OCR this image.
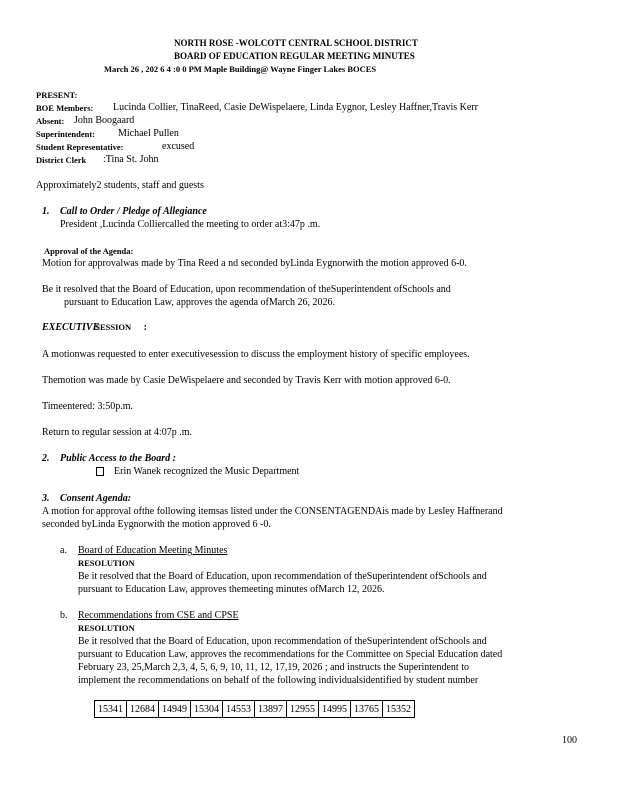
NORTH ROSE -WOLCOTT CENTRAL SCHOOL DISTRICT
BOARD OF EDUCATION REGULAR MEETING MINUTES
March 26 , 202 6 4 :0 0 PM Maple Building@ Wayne Finger Lakes BOCES
PRESENT:
BOE Members: Lucinda Collier, TinaReed, Casie DeWispelaere, Linda Eygnor, Lesley Haffner,Travis Kerr
Absent: John Boogaard
Superintendent: Michael Pullen
Student Representative:	excused
District Clerk :Tina St. John
Approximately2 students, staff and guests
1. Call to Order / Pledge of Allegiance
President ,Lucinda Colliercalled the meeting to order at3:47p .m.
Approval of the Agenda:
Motion for approvalwas made by Tina Reed a nd seconded byLinda Eygnorwith the motion approved 6-0.
Be it resolved that the Board of Education, upon recommendation of theSuperintendent ofSchools and
pursuant to Education Law, approves the agenda ofMarch 26, 2026.
EXECUTIVESESSION :
A motionwas requested to enter executivesession to discuss the employment history of specific employees.
Themotion was made by Casie DeWispelaere and seconded by Travis Kerr with motion approved 6-0.
Timeentered: 3:50p.m.
Return to regular session at 4:07p .m.
2. Public Access to the Board :
Erin Wanek recognized the Music Department
3. Consent Agenda:
A motion for approval ofthe following itemsas listed under the CONSENTAGENDAis made by Lesley Haffnerand
seconded byLinda Eygnorwith the motion approved 6 -0.
a. Board of Education Meeting Minutes
RESOLUTION
Be it resolved that the Board of Education, upon recommendation of theSuperintendent ofSchools and
pursuant to Education Law, approves themeeting minutes ofMarch 12, 2026.
b. Recommendations from CSE and CPSE
RESOLUTION
Be it resolved that the Board of Education, upon recommendation of theSuperintendent ofSchools and
pursuant to Education Law, approves the recommendations for the Committee on Special Education dated
February 23, 25,March 2,3, 4, 5, 6, 9, 10, 11, 12, 17,19, 2026 ; and instructs the Superintendent to
implement the recommendations on behalf of the following individualsidentified by student number
15341	12684	14949	15304	14553	13897	12955	14995	13765	15352
100
